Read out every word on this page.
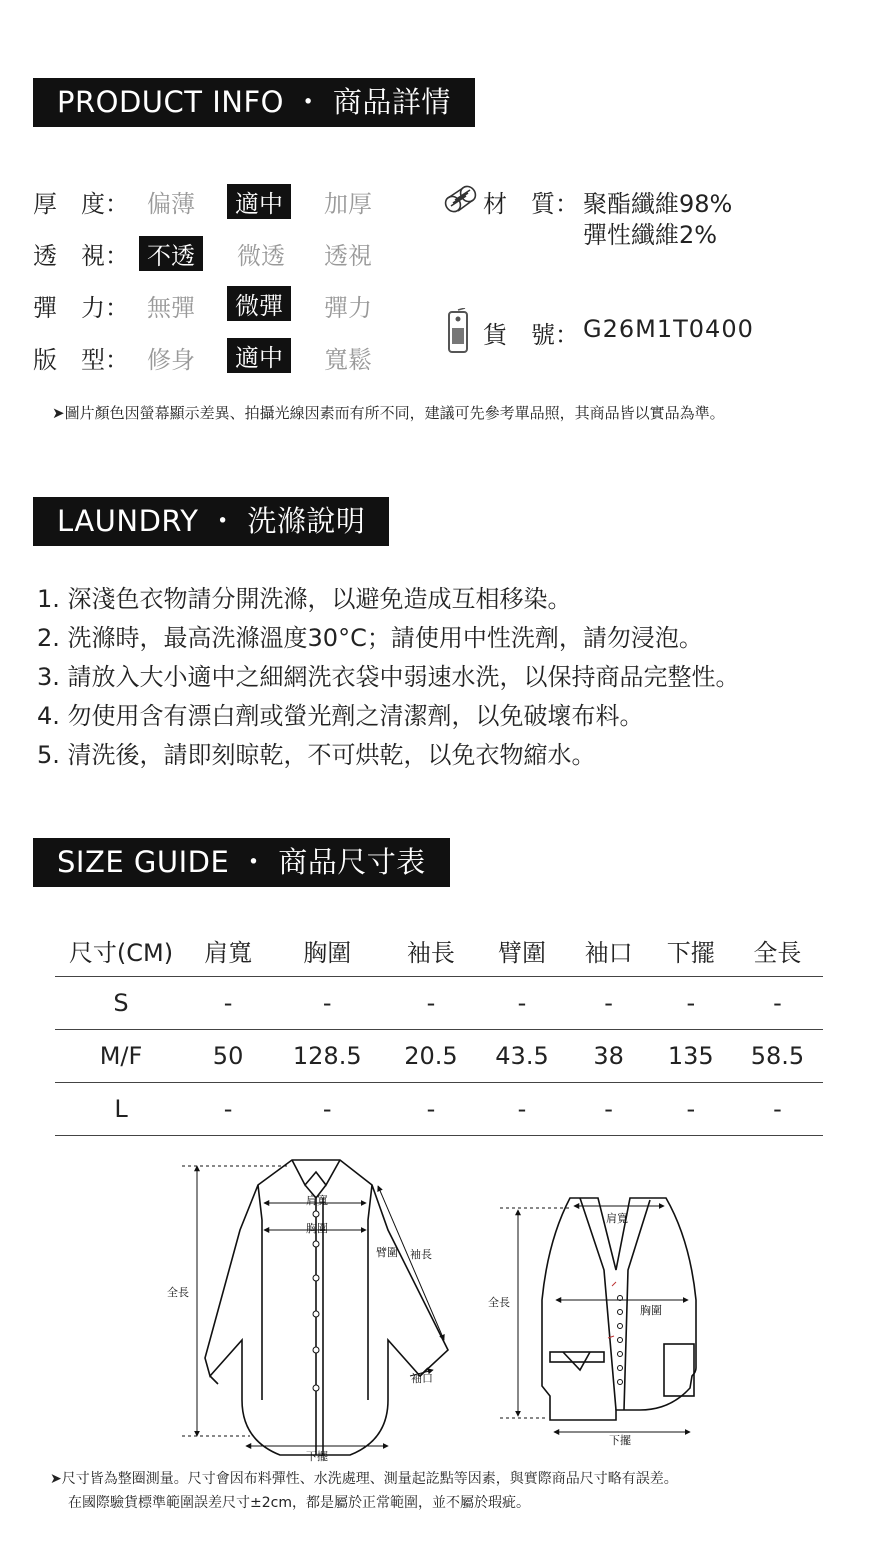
PRODUCT INFO ・ 商品詳情
厚　度： 偏薄	適中	加厚
透　視： 不透	微透 透視
彈　力： 無彈	微彈	彈力
版　型： 修身	適中	寬鬆
材　質： 聚酯纖維98%
彈性纖維2%
貨　號： G26M1T0400
➤圖片顏色因螢幕顯示差異、拍攝光線因素而有所不同，建議可先參考單品照，其商品皆以實品為準。
LAUNDRY ・ 洗滌說明
1. 深淺色衣物請分開洗滌，以避免造成互相移染。
2. 洗滌時，最高洗滌溫度30°C；請使用中性洗劑，請勿浸泡。
3. 請放入大小適中之細網洗衣袋中弱速水洗，以保持商品完整性。
4. 勿使用含有漂白劑或螢光劑之清潔劑，以免破壞布料。
5. 清洗後，請即刻晾乾，不可烘乾，以免衣物縮水。
SIZE GUIDE ・ 商品尺寸表
尺寸(CM)	肩寬	胸圍	袖長	臂圍	袖口	下擺	全長
S	-	-	-	-	-	-	-
M/F	50	128.5	20.5	43.5	38	135	58.5
L	-	-	-	-	-	-	-
肩寬
胸圍
臂圍 袖長
全長
袖口
下擺
肩寬
胸圍
全長
下擺
➤尺寸皆為整圈測量。尺寸會因布料彈性、水洗處理、測量起訖點等因素，與實際商品尺寸略有誤差。
在國際驗貨標準範圍誤差尺寸±2cm，都是屬於正常範圍，並不屬於瑕疵。
